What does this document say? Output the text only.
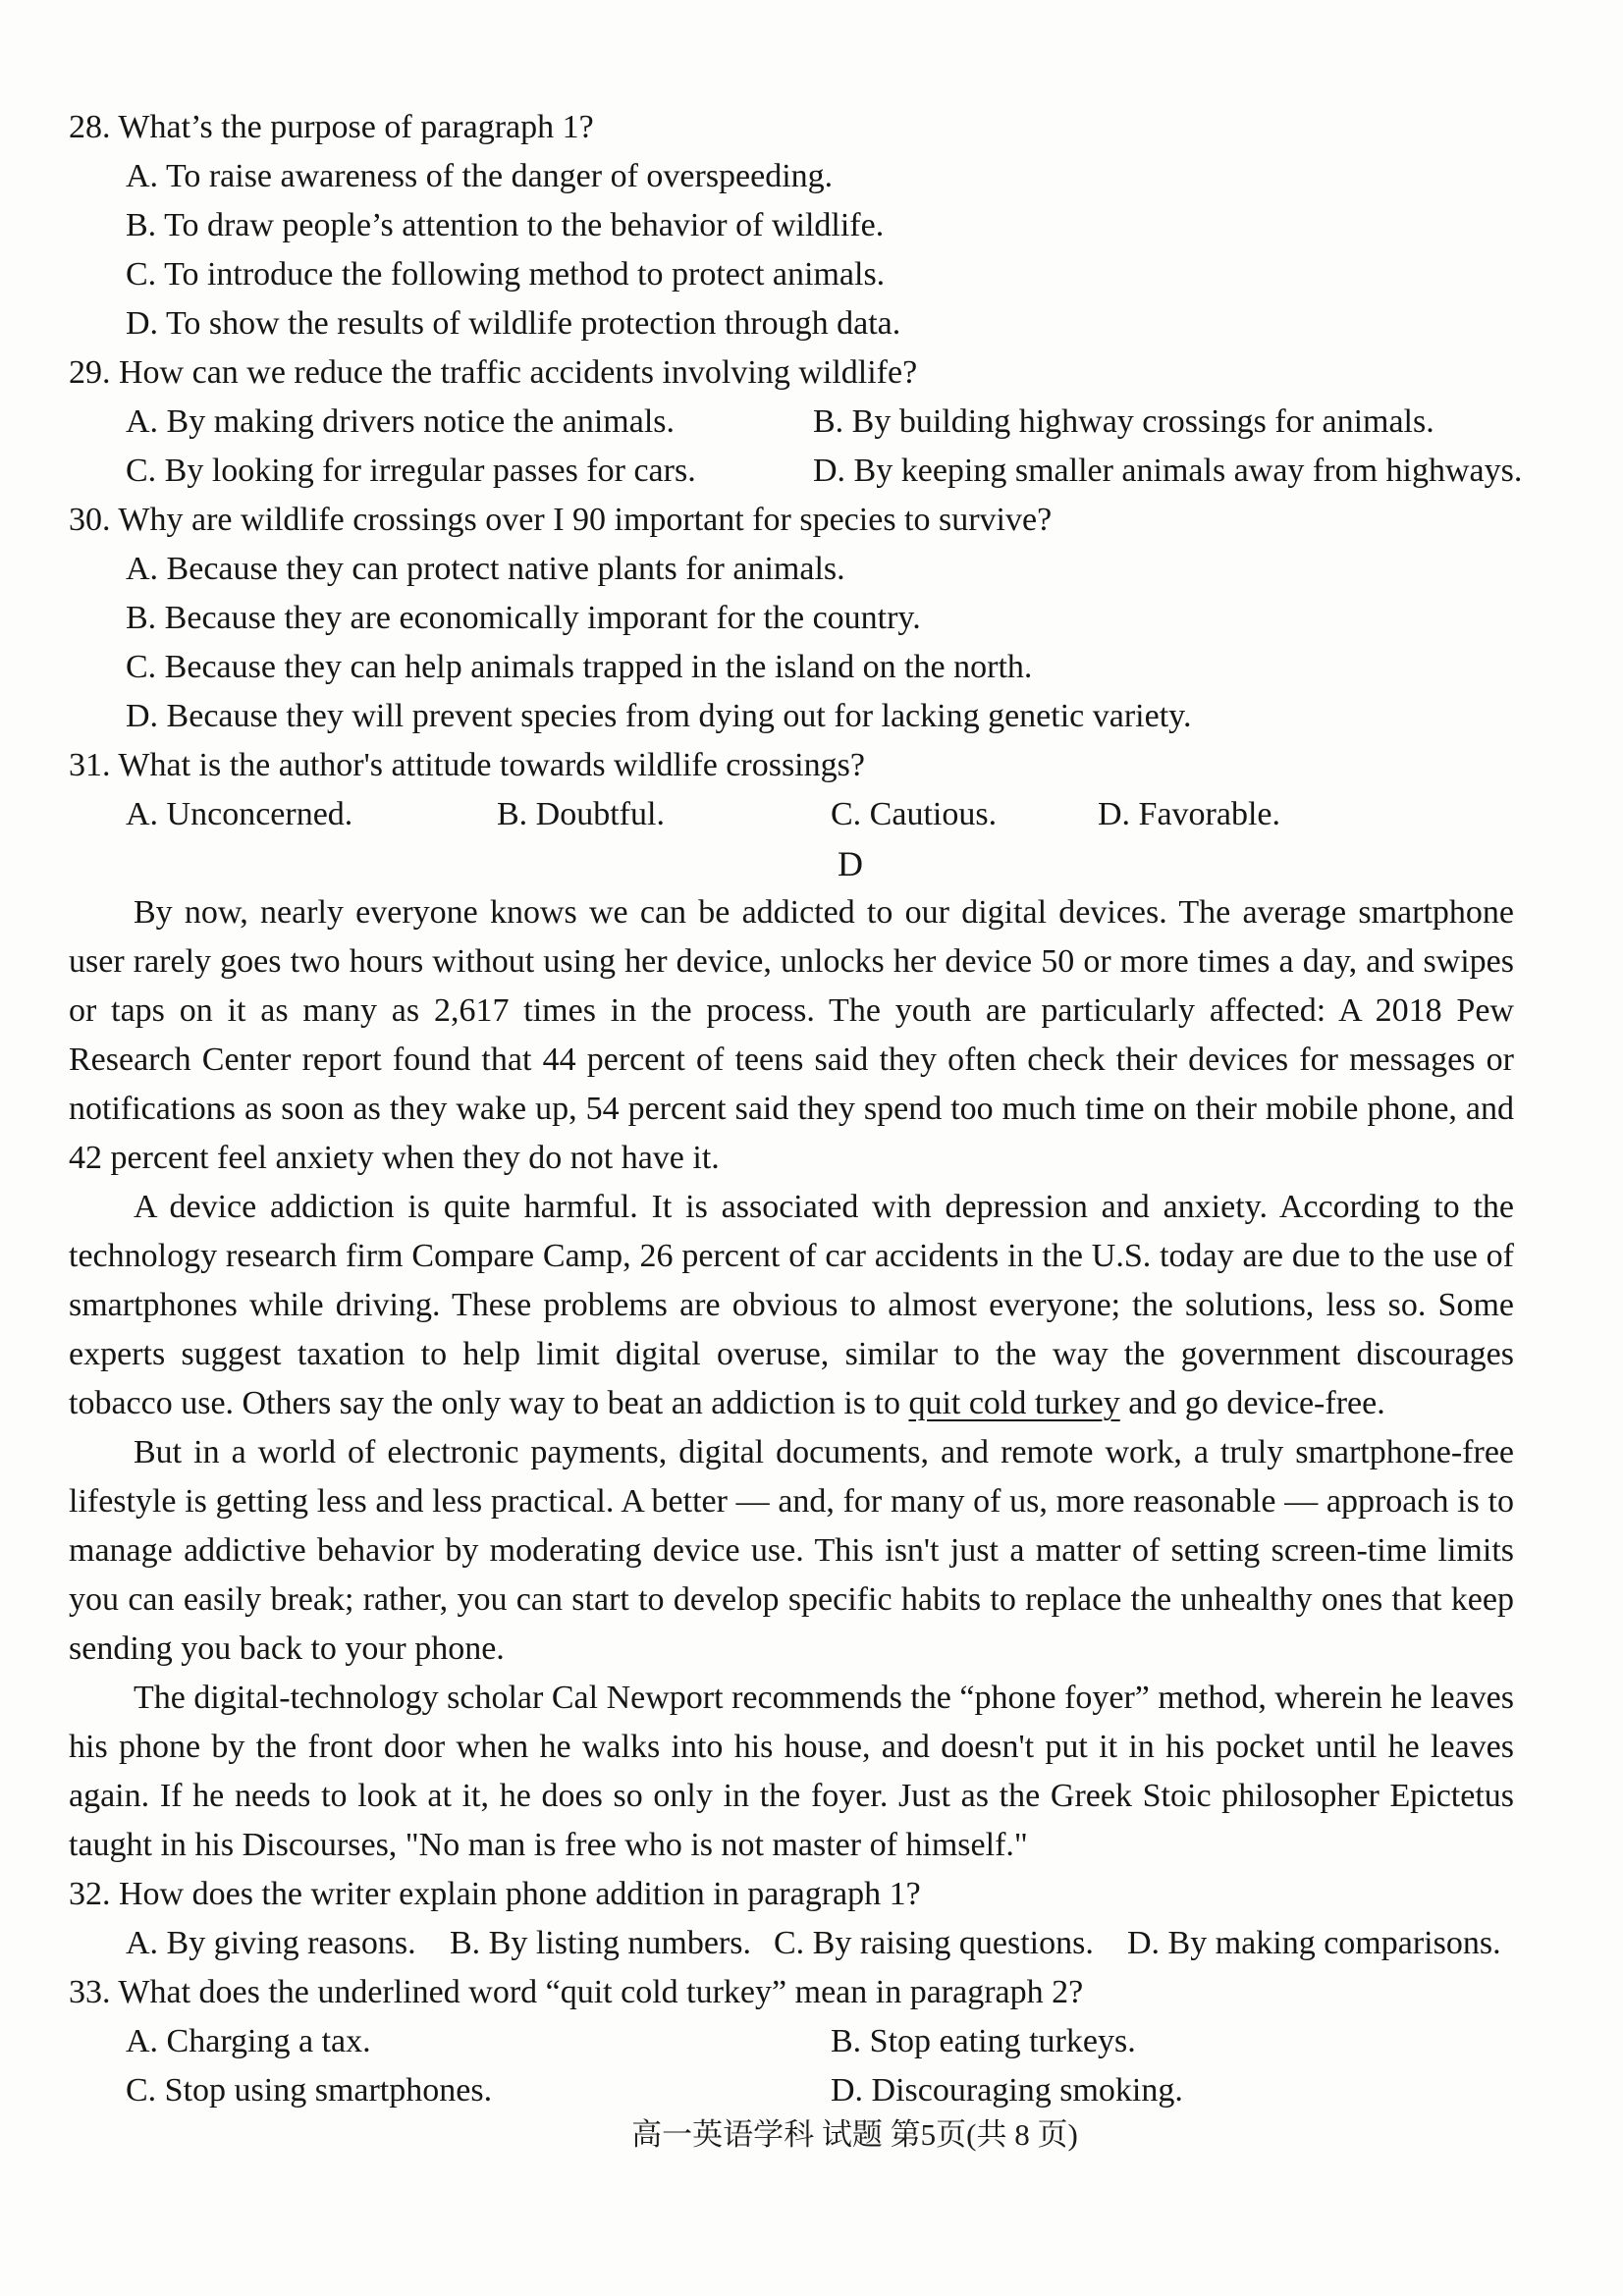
28. What’s the purpose of paragraph 1?
A. To raise awareness of the danger of overspeeding.
B. To draw people’s attention to the behavior of wildlife.
C. To introduce the following method to protect animals.
D. To show the results of wildlife protection through data.
29. How can we reduce the traffic accidents involving wildlife?
A. By making drivers notice the animals.	B. By building highway crossings for animals.
C. By looking for irregular passes for cars.	D. By keeping smaller animals away from highways.
30. Why are wildlife crossings over I 90 important for species to survive?
A. Because they can protect native plants for animals.
B. Because they are economically imporant for the country.
C. Because they can help animals trapped in the island on the north.
D. Because they will prevent species from dying out for lacking genetic variety.
31. What is the author's attitude towards wildlife crossings?
A. Unconcerned.	B. Doubtful.	C. Cautious.	D. Favorable.
D

By now, nearly everyone knows we can be addicted to our digital devices. The average smartphone user rarely goes two hours without using her device, unlocks her device 50 or more times a day, and swipes or taps on it as many as 2,617 times in the process. The youth are particularly affected: A 2018 Pew Research Center report found that 44 percent of teens said they often check their devices for messages or notifications as soon as they wake up, 54 percent said they spend too much time on their mobile phone, and 42 percent feel anxiety when they do not have it.

A device addiction is quite harmful. It is associated with depression and anxiety. According to the technology research firm Compare Camp, 26 percent of car accidents in the U.S. today are due to the use of smartphones while driving. These problems are obvious to almost everyone; the solutions, less so. Some experts suggest taxation to help limit digital overuse, similar to the way the government discourages tobacco use. Others say the only way to beat an addiction is to quit cold turkey and go device-free.

But in a world of electronic payments, digital documents, and remote work, a truly smartphone-free lifestyle is getting less and less practical. A better — and, for many of us, more reasonable — approach is to manage addictive behavior by moderating device use. This isn't just a matter of setting screen-time limits you can easily break; rather, you can start to develop specific habits to replace the unhealthy ones that keep sending you back to your phone.

The digital-technology scholar Cal Newport recommends the “phone foyer” method, wherein he leaves his phone by the front door when he walks into his house, and doesn't put it in his pocket until he leaves again. If he needs to look at it, he does so only in the foyer. Just as the Greek Stoic philosopher Epictetus taught in his Discourses, "No man is free who is not master of himself."

32. How does the writer explain phone addition in paragraph 1?
A. By giving reasons.	B. By listing numbers. C. By raising questions.	D. By making comparisons.
33. What does the underlined word “quit cold turkey” mean in paragraph 2?
A. Charging a tax.	B. Stop eating turkeys.
C. Stop using smartphones.	D. Discouraging smoking.
高一英语学科 试题 第5页(共 8 页)
